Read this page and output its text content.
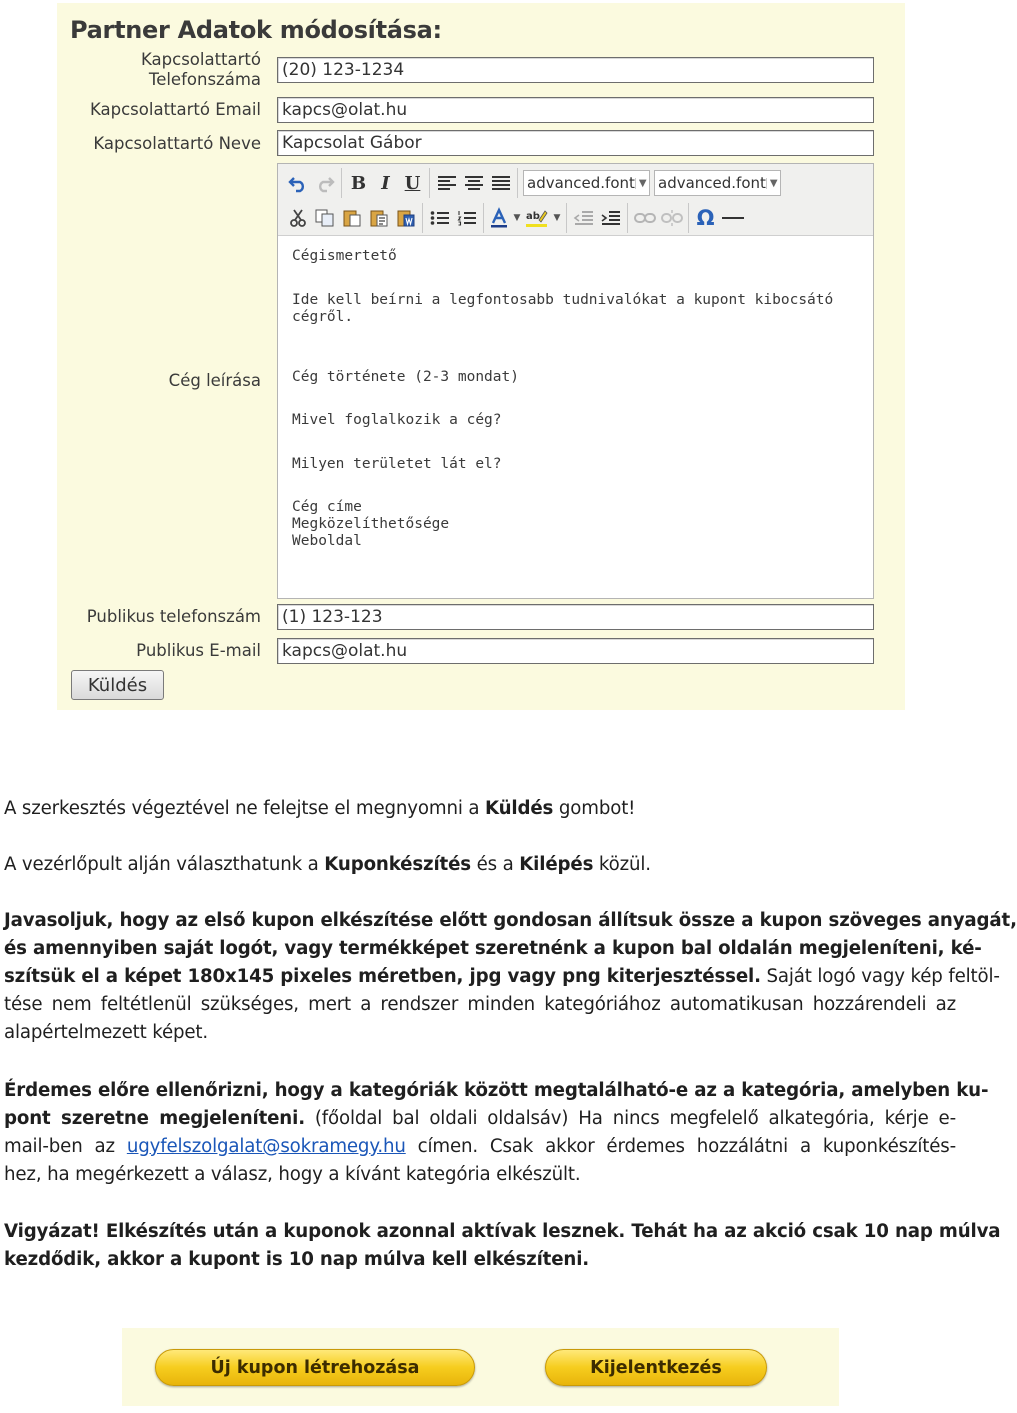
Partner Adatok módosítása:
Kapcsolattartó
Telefonszáma (20) 123-1234
Kapcsolattartó Email kapcs@olat.hu
Kapcsolattartó Neve Kapcsolat Gábor
Cég leírása
B I U	advanced.font ▼ advanced.font ▼
▼ ab ▼	Ω
Cégismertető
Ide kell beírni a legfontosabb tudnivalókat a kupont kibocsátó
cégről.
Cég története (2-3 mondat)
Mivel foglalkozik a cég?
Milyen területet lát el?
Cég címe
Megközelíthetősége
Weboldal
Publikus telefonszám (1) 123-123
Publikus E-mail kapcs@olat.hu
Küldés
A szerkesztés végeztével ne felejtse el megnyomni a Küldés gombot!
A vezérlőpult alján választhatunk a Kuponkészítés és a Kilépés közül.
Javasoljuk, hogy az első kupon elkészítése előtt gondosan állítsuk össze a kupon szöveges anyagát,
és amennyiben saját logót, vagy termékképet szeretnénk a kupon bal oldalán megjeleníteni, ké-
szítsük el a képet 180x145 pixeles méretben, jpg vagy png kiterjesztéssel. Saját logó vagy kép feltöl-
tése nem feltétlenül szükséges, mert a rendszer minden kategóriához automatikusan hozzárendeli az
alapértelmezett képet.
Érdemes előre ellenőrizni, hogy a kategóriák között megtalálható-e az a kategória, amelyben ku-
pont szeretne megjeleníteni. (főoldal bal oldali oldalsáv) Ha nincs megfelelő alkategória, kérje e-
mail-ben az ugyfelszolgalat@sokramegy.hu címen. Csak akkor érdemes hozzálátni a kuponkészítés-
hez, ha megérkezett a válasz, hogy a kívánt kategória elkészült.
Vigyázat! Elkészítés után a kuponok azonnal aktívak lesznek. Tehát ha az akció csak 10 nap múlva
kezdődik, akkor a kupont is 10 nap múlva kell elkészíteni.
Új kupon létrehozása	Kijelentkezés
